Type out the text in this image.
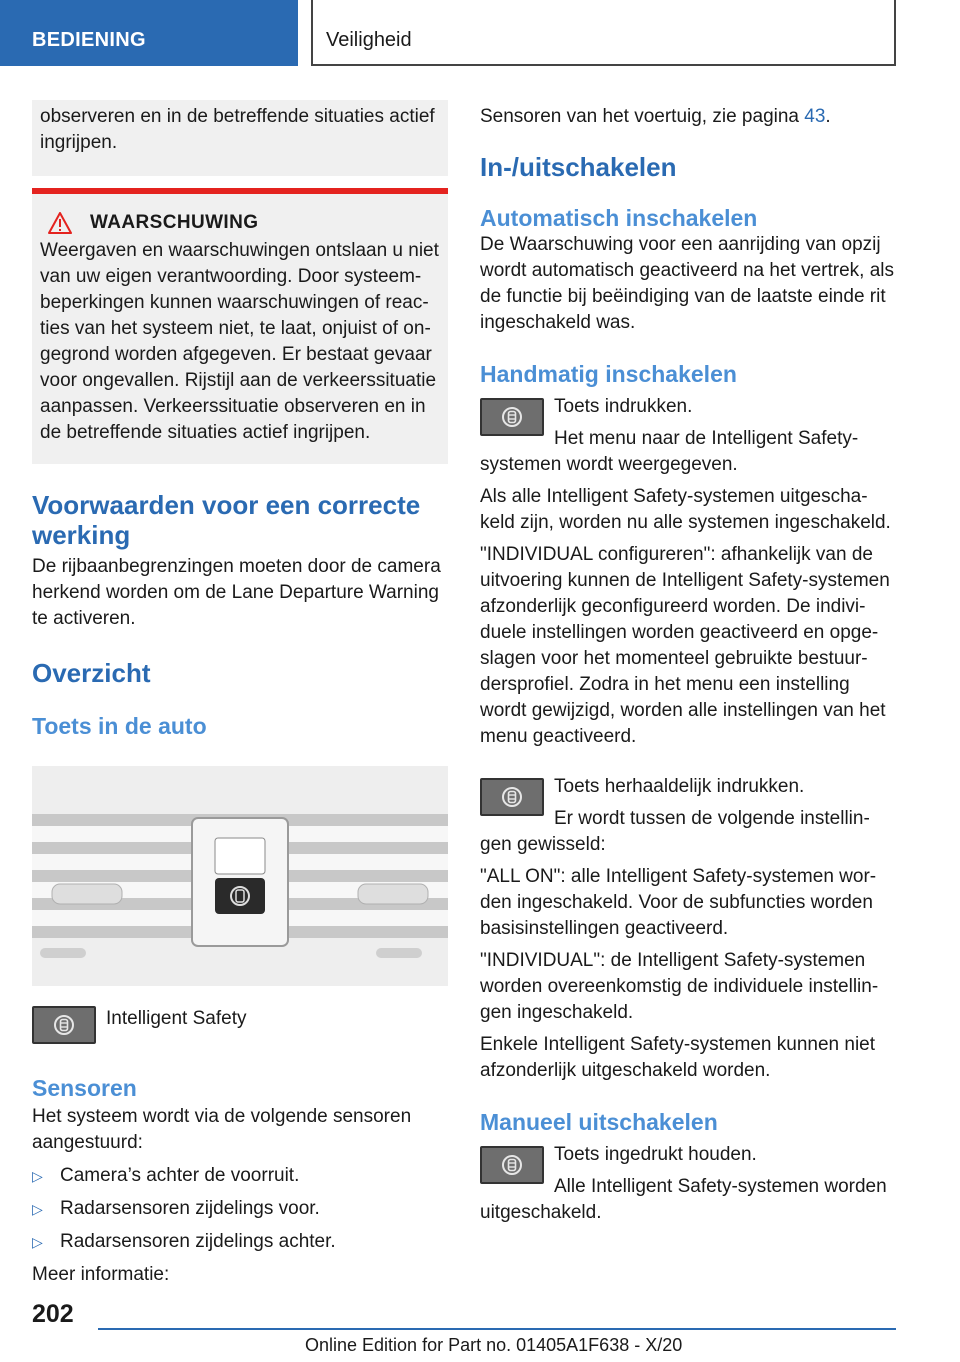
BEDIENING	Veiligheid

observeren en in de betreffende situaties actief ingrijpen.

WAARSCHUWING

Weergaven en waarschuwingen ontslaan u niet van uw eigen verantwoording. Door systeembeperkingen kunnen waarschuwingen of reacties van het systeem niet, te laat, onjuist of ongegrond worden afgegeven. Er bestaat gevaar voor ongevallen. Rijstijl aan de verkeerssituatie aanpassen. Verkeerssituatie observeren en in de betreffende situaties actief ingrijpen.

Voorwaarden voor een correcte werking

De rijbaanbegrenzingen moeten door de camera herkend worden om de Lane Departure Warning te activeren.

Overzicht
Toets in de auto

Intelligent Safety

Sensoren

Het systeem wordt via de volgende sensoren aangestuurd:

▷ Camera’s achter de voorruit.
▷ Radarsensoren zijdelings voor.
▷ Radarsensoren zijdelings achter.

Meer informatie:

Sensoren van het voertuig, zie pagina 43.

In-/uitschakelen
Automatisch inschakelen

De Waarschuwing voor een aanrijding van opzij wordt automatisch geactiveerd na het vertrek, als de functie bij beëindiging van de laatste einde rit ingeschakeld was.

Handmatig inschakelen

Toets indrukken.

Het menu naar de Intelligent Safety-

systemen wordt weergegeven.

Als alle Intelligent Safety-systemen uitgeschakeld zijn, worden nu alle systemen ingeschakeld.

"INDIVIDUAL configureren": afhankelijk van de uitvoering kunnen de Intelligent Safety-systemen afzonderlijk geconfigureerd worden. De individuele instellingen worden geactiveerd en opgeslagen voor het momenteel gebruikte bestuurdersprofiel. Zodra in het menu een instelling wordt gewijzigd, worden alle instellingen van het menu geactiveerd.

Toets herhaaldelijk indrukken.

Er wordt tussen de volgende instellin-

gen gewisseld:

"ALL ON": alle Intelligent Safety-systemen worden ingeschakeld. Voor de subfuncties worden basisinstellingen geactiveerd.

"INDIVIDUAL": de Intelligent Safety-systemen worden overeenkomstig de individuele instellingen ingeschakeld.

Enkele Intelligent Safety-systemen kunnen niet afzonderlijk uitgeschakeld worden.

Manueel uitschakelen

Toets ingedrukt houden.

Alle Intelligent Safety-systemen worden

uitgeschakeld.

202
Online Edition for Part no. 01405A1F638 - X/20
